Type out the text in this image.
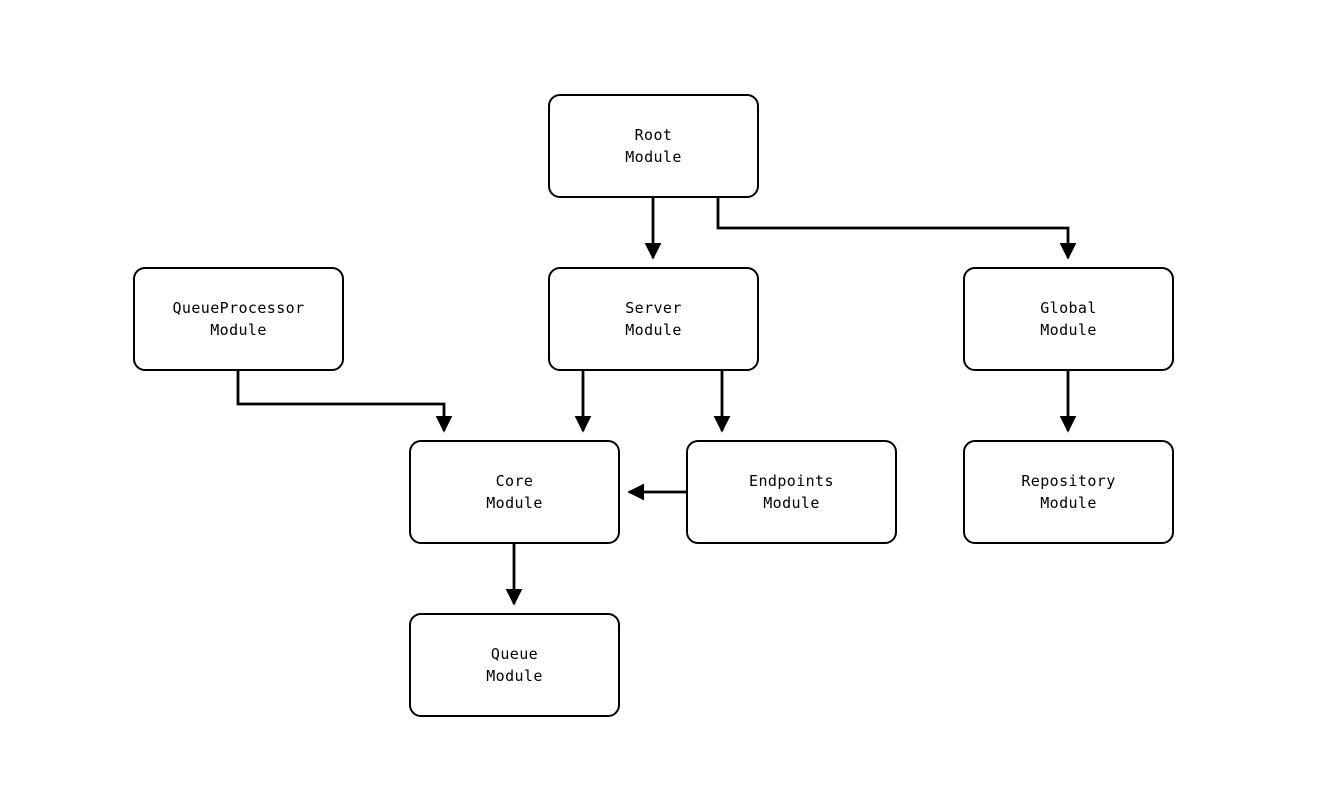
Root
Module
QueueProcessor
Module
Server
Module
Global
Module
Core
Module
Endpoints
Module
Repository
Module
Queue
Module
